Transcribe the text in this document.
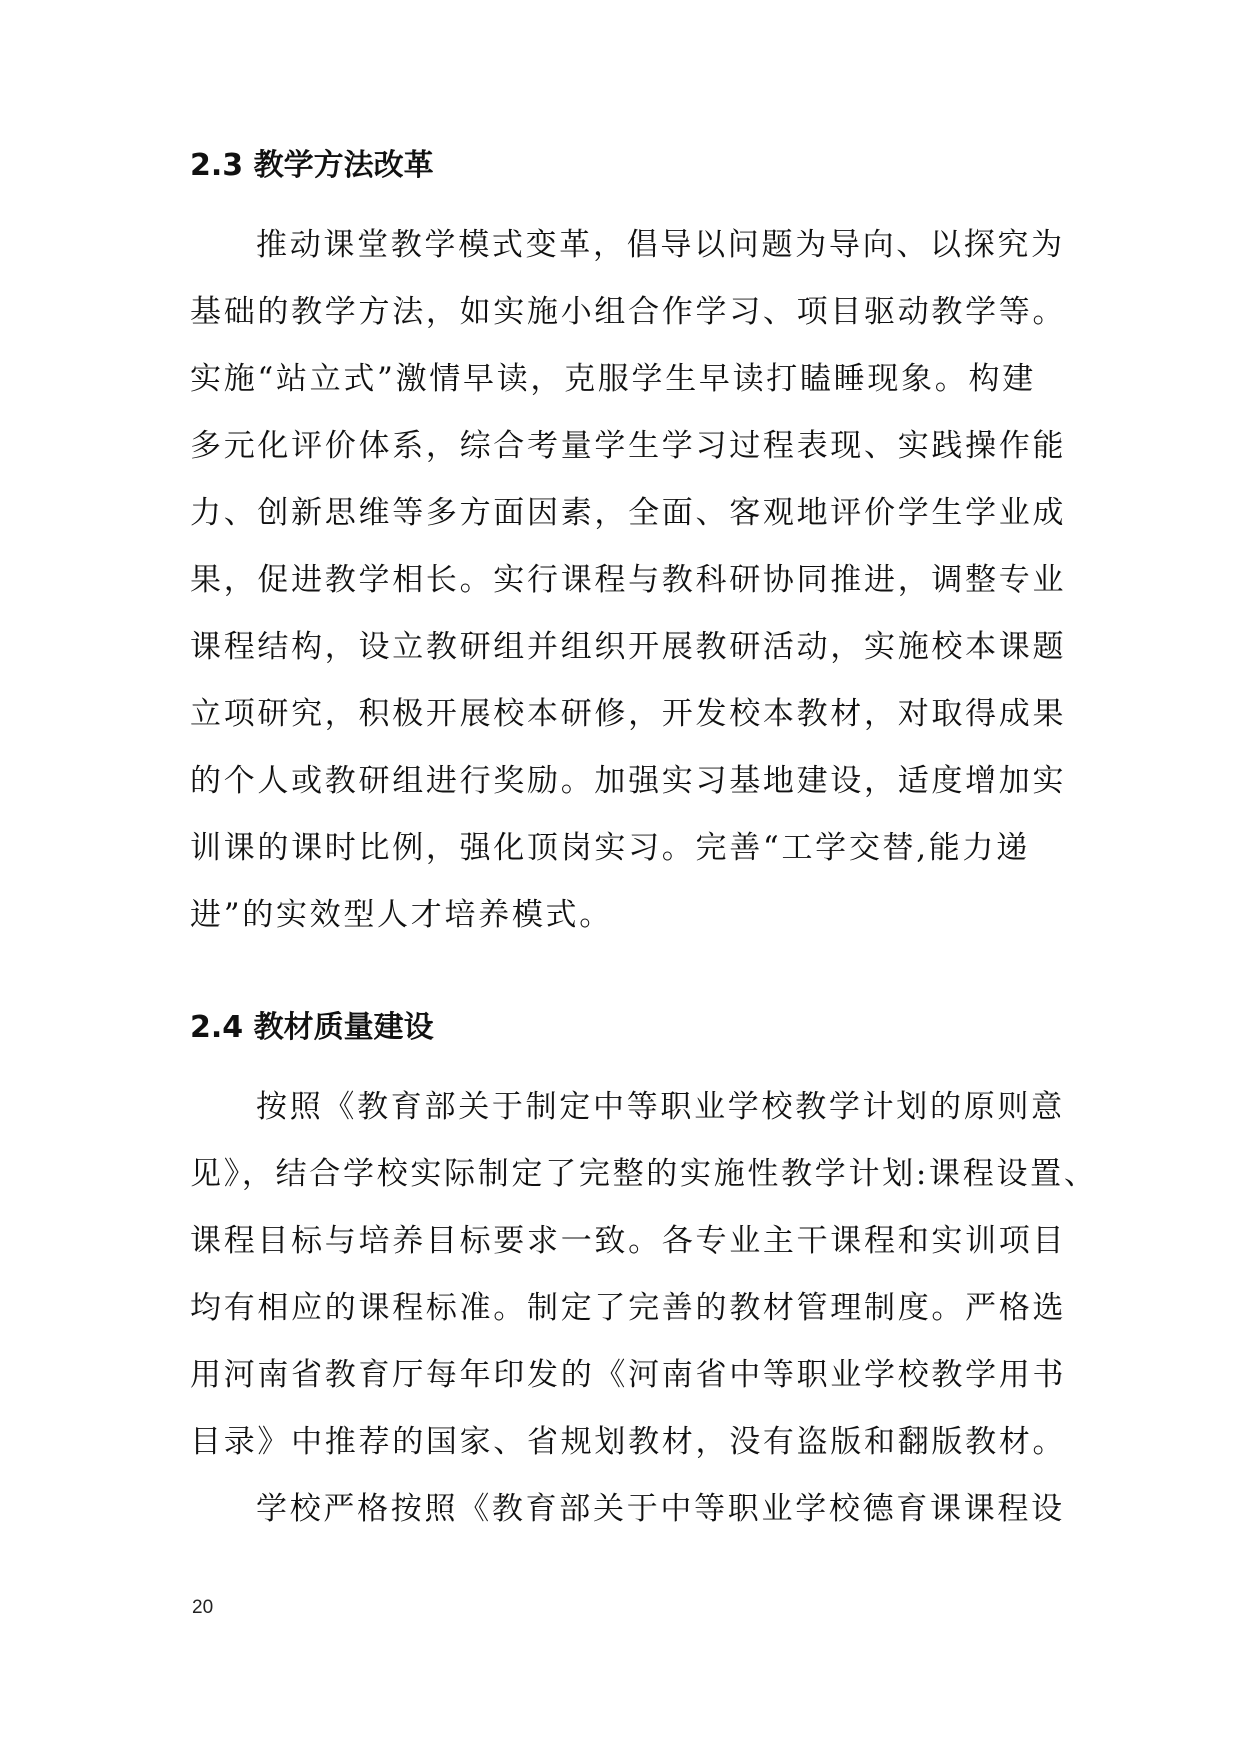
2.3 教学方法改革
推动课堂教学模式变革，倡导以问题为导向、以探究为
基础的教学方法，如实施小组合作学习、项目驱动教学等。
实施“站立式”激情早读，克服学生早读打瞌睡现象。构建
多元化评价体系，综合考量学生学习过程表现、实践操作能
力、创新思维等多方面因素，全面、客观地评价学生学业成
果，促进教学相长。实行课程与教科研协同推进，调整专业
课程结构，设立教研组并组织开展教研活动，实施校本课题
立项研究，积极开展校本研修，开发校本教材，对取得成果
的个人或教研组进行奖励。加强实习基地建设，适度增加实
训课的课时比例，强化顶岗实习。完善“工学交替,能力递
进”的实效型人才培养模式。
2.4 教材质量建设
按照《教育部关于制定中等职业学校教学计划的原则意
见》，结合学校实际制定了完整的实施性教学计划:课程设置、
课程目标与培养目标要求一致。各专业主干课程和实训项目
均有相应的课程标准。制定了完善的教材管理制度。严格选
用河南省教育厅每年印发的《河南省中等职业学校教学用书
目录》中推荐的国家、省规划教材，没有盗版和翻版教材。
学校严格按照《教育部关于中等职业学校德育课课程设
20
